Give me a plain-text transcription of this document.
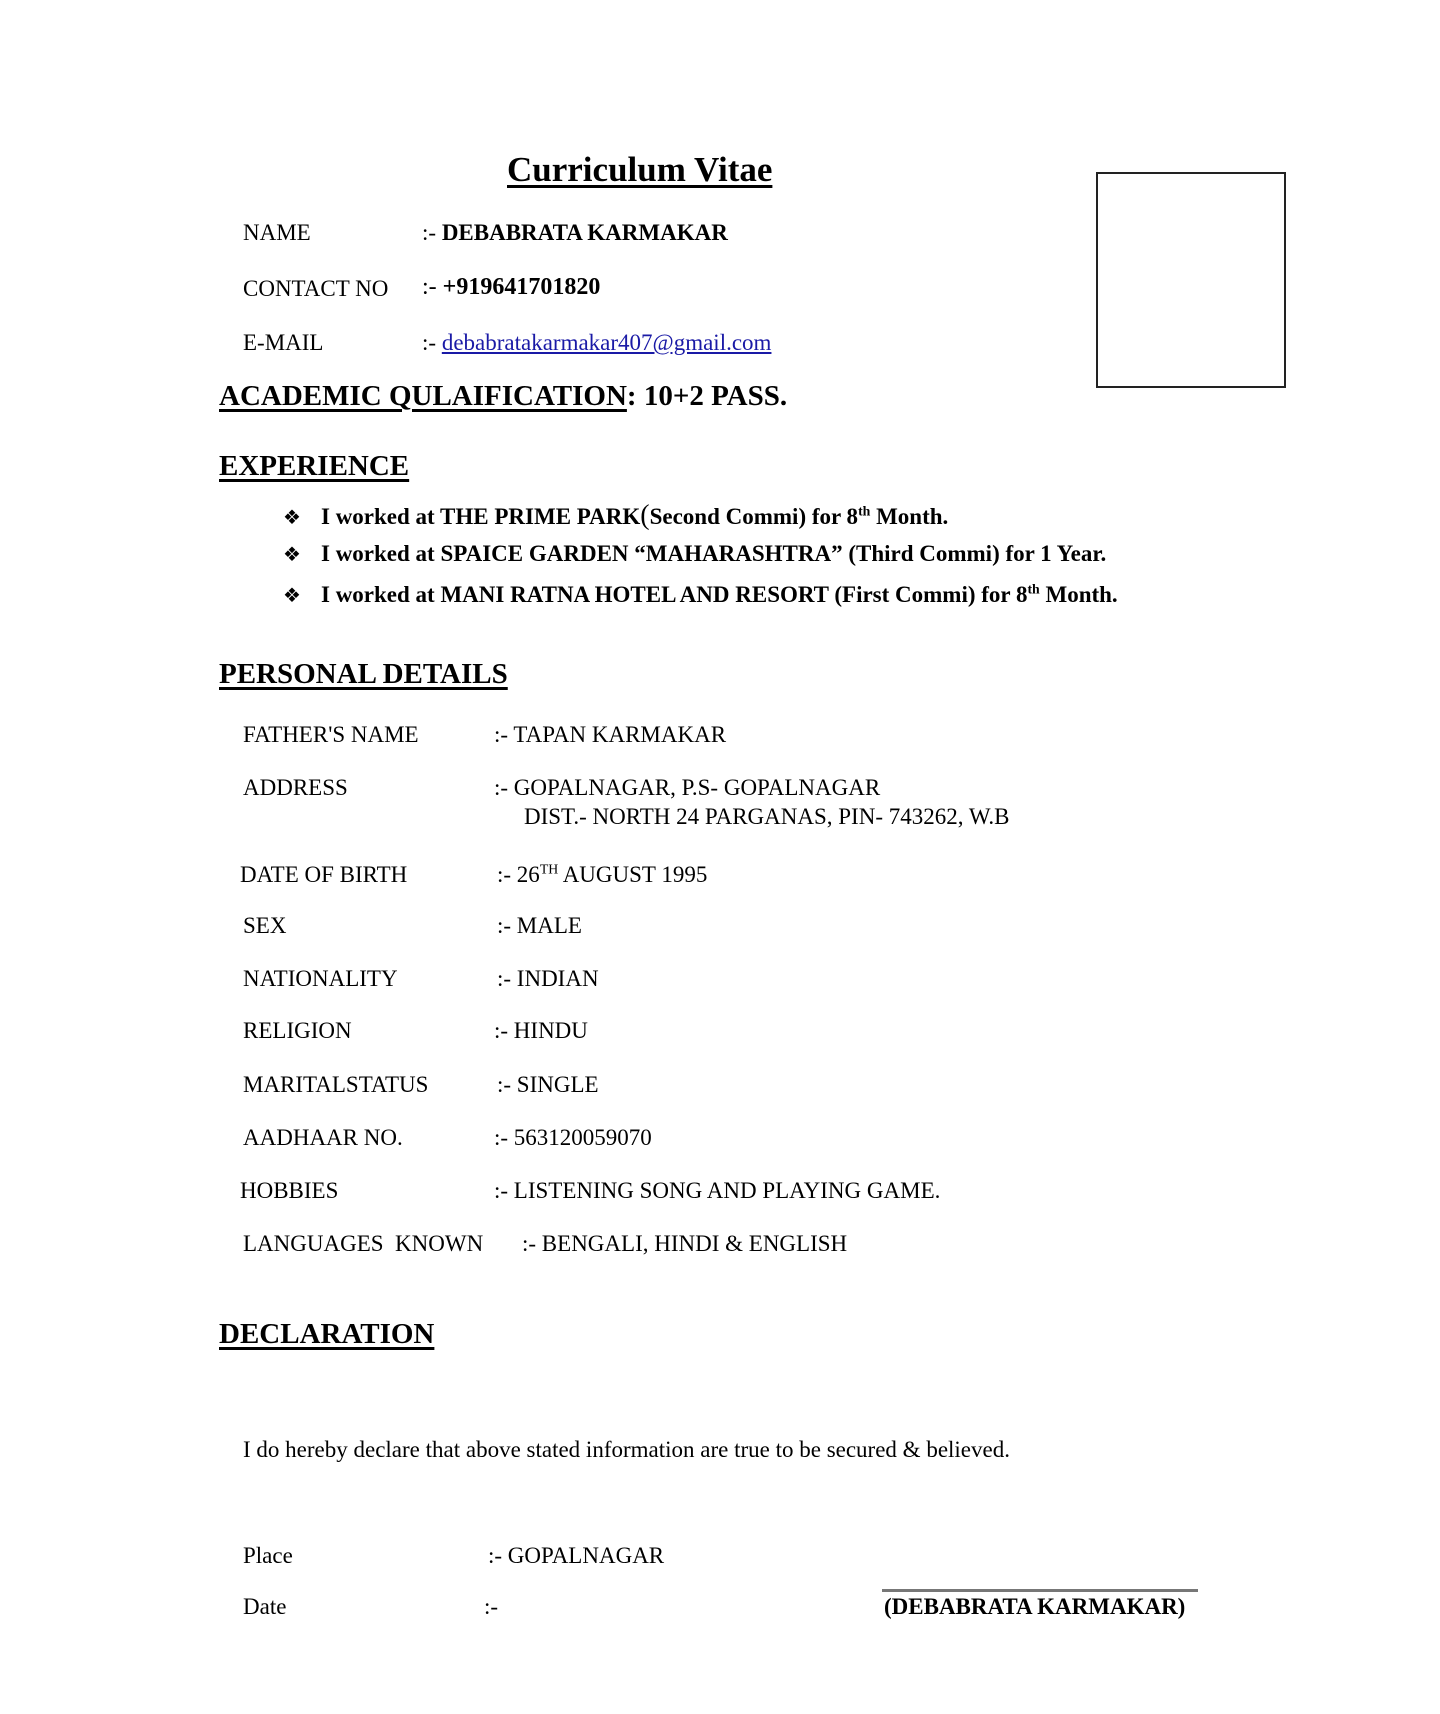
Curriculum Vitae
NAME	:- DEBABRATA KARMAKAR
CONTACT NO :- +919641701820
E-MAIL	:- debabratakarmakar407@gmail.com
ACADEMIC QULAIFICATION: 10+2 PASS.
EXPERIENCE
❖ I worked at THE PRIME PARK(Second Commi) for 8th Month.
❖ I worked at SPAICE GARDEN “MAHARASHTRA” (Third Commi) for 1 Year.
❖ I worked at MANI RATNA HOTEL AND RESORT (First Commi) for 8th Month.
PERSONAL DETAILS
FATHER'S NAME	:- TAPAN KARMAKAR
ADDRESS	:- GOPALNAGAR, P.S- GOPALNAGAR
DIST.- NORTH 24 PARGANAS, PIN- 743262, W.B
DATE OF BIRTH	:- 26TH AUGUST 1995
SEX	:- MALE
NATIONALITY	:- INDIAN
RELIGION	:- HINDU
MARITALSTATUS	:- SINGLE
AADHAAR NO.	:- 563120059070
HOBBIES	:- LISTENING SONG AND PLAYING GAME.
LANGUAGES  KNOWN :- BENGALI, HINDI & ENGLISH
DECLARATION
I do hereby declare that above stated information are true to be secured & believed.
Place	:- GOPALNAGAR
Date	:-	(DEBABRATA KARMAKAR)
